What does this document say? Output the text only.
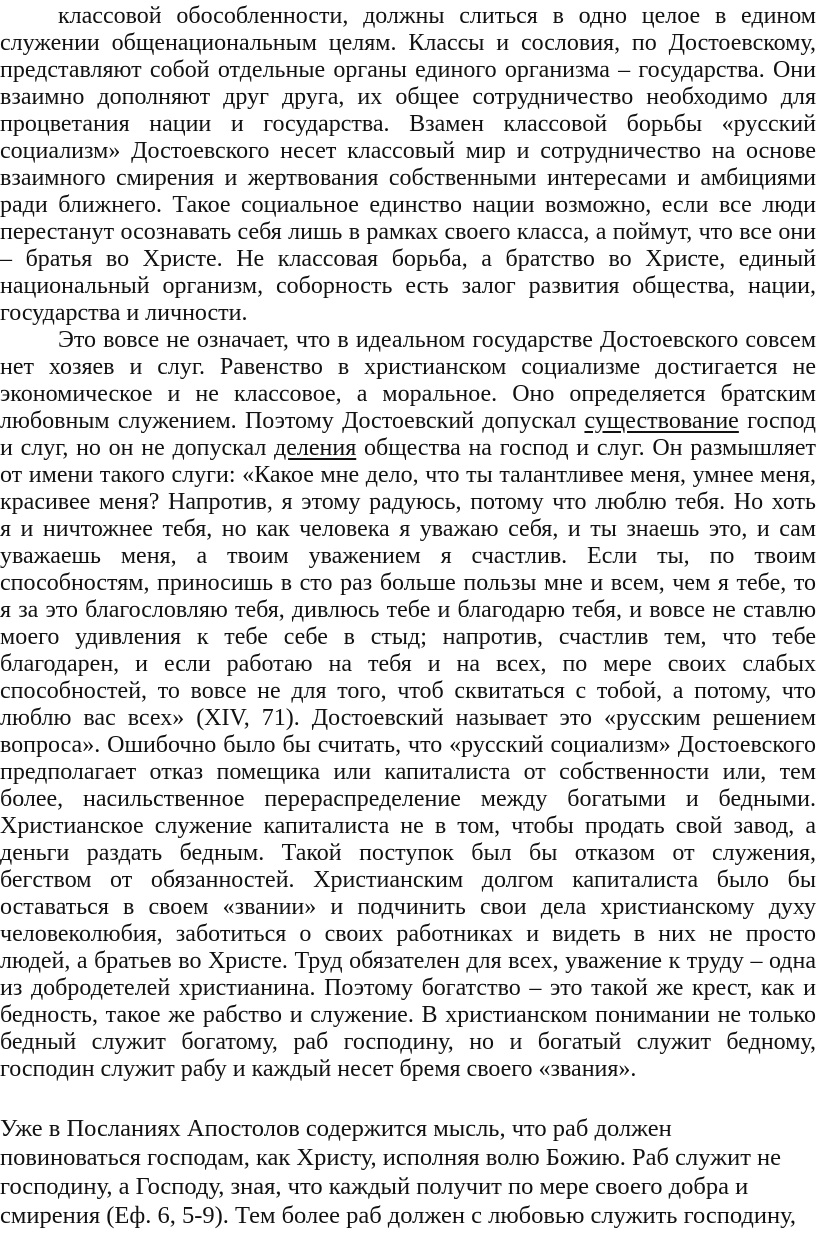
классовой обособленности, должны слиться в одно целое в едином
служении общенациональным целям. Классы и сословия, по Достоевскому,
представляют собой отдельные органы единого организма – государства. Они
взаимно дополняют друг друга, их общее сотрудничество необходимо для
процветания нации и государства. Взамен классовой борьбы «русский
социализм» Достоевского несет классовый мир и сотрудничество на основе
взаимного смирения и жертвования собственными интересами и амбициями
ради ближнего. Такое социальное единство нации возможно, если все люди
перестанут осознавать себя лишь в рамках своего класса, а поймут, что все они
– братья во Христе. Не классовая борьба, а братство во Христе, единый
национальный организм, соборность есть залог развития общества, нации,
государства и личности.
Это вовсе не означает, что в идеальном государстве Достоевского совсем
нет хозяев и слуг. Равенство в христианском социализме достигается не
экономическое и не классовое, а моральное. Оно определяется братским
любовным служением. Поэтому Достоевский допускал существование господ
и слуг, но он не допускал деления общества на господ и слуг. Он размышляет
от имени такого слуги: «Какое мне дело, что ты талантливее меня, умнее меня,
красивее меня? Напротив, я этому радуюсь, потому что люблю тебя. Но хоть
я и ничтожнее тебя, но как человека я уважаю себя, и ты знаешь это, и сам
уважаешь меня, а твоим уважением я счастлив. Если ты, по твоим
способностям, приносишь в сто раз больше пользы мне и всем, чем я тебе, то
я за это благословляю тебя, дивлюсь тебе и благодарю тебя, и вовсе не ставлю
моего удивления к тебе себе в стыд; напротив, счастлив тем, что тебе
благодарен, и если работаю на тебя и на всех, по мере своих слабых
способностей, то вовсе не для того, чтоб сквитаться с тобой, а потому, что
люблю вас всех» (XIV, 71). Достоевский называет это «русским решением
вопроса». Ошибочно было бы считать, что «русский социализм» Достоевского
предполагает отказ помещика или капиталиста от собственности или, тем
более, насильственное перераспределение между богатыми и бедными.
Христианское служение капиталиста не в том, чтобы продать свой завод, а
деньги раздать бедным. Такой поступок был бы отказом от служения,
бегством от обязанностей. Христианским долгом капиталиста было бы
оставаться в своем «звании» и подчинить свои дела христианскому духу
человеколюбия, заботиться о своих работниках и видеть в них не просто
людей, а братьев во Христе. Труд обязателен для всех, уважение к труду – одна
из добродетелей христианина. Поэтому богатство – это такой же крест, как и
бедность, такое же рабство и служение. В христианском понимании не только
бедный служит богатому, раб господину, но и богатый служит бедному,
господин служит рабу и каждый несет бремя своего «звания».
Уже в Посланиях Апостолов содержится мысль, что раб должен
повиноваться господам, как Христу, исполняя волю Божию. Раб служит не
господину, а Господу, зная, что каждый получит по мере своего добра и
смирения (Еф. 6, 5-9). Тем более раб должен с любовью служить господину,
